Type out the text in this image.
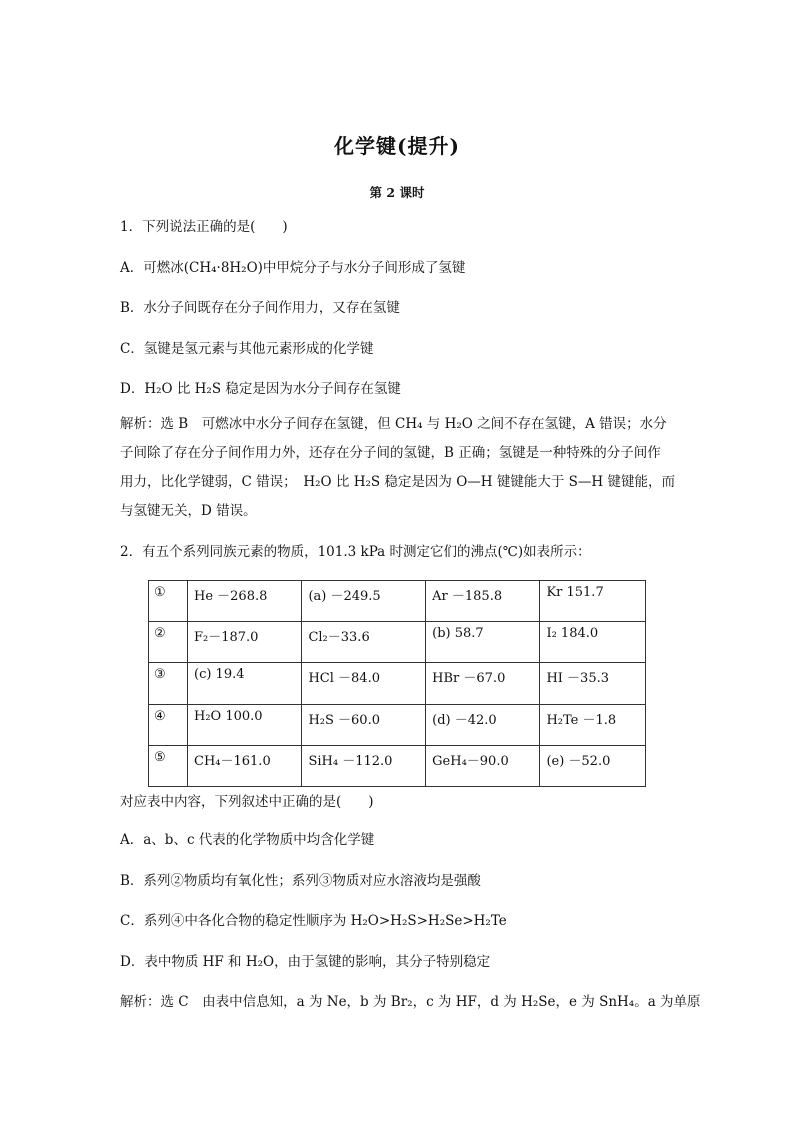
化学键(提升)
第 2 课时
1．下列说法正确的是(　　)
A．可燃冰(CH₄·8H₂O)中甲烷分子与水分子间形成了氢键
B．水分子间既存在分子间作用力，又存在氢键
C．氢键是氢元素与其他元素形成的化学键
D．H₂O 比 H₂S 稳定是因为水分子间存在氢键
解析：选 B　可燃冰中水分子间存在氢键，但 CH₄ 与 H₂O 之间不存在氢键，A 错误；水分
子间除了存在分子间作用力外，还存在分子间的氢键，B 正确；氢键是一种特殊的分子间作
用力，比化学键弱，C 错误；　H₂O 比 H₂S 稳定是因为 O—H 键键能大于 S—H 键键能，而
与氢键无关，D 错误。
2．有五个系列同族元素的物质，101.3 kPa 时测定它们的沸点(℃)如表所示：
①	He －268.8	(a) －249.5	Ar －185.8	Kr 151.7
②	F₂－187.0	Cl₂－33.6	(b) 58.7	I₂ 184.0
③	(c) 19.4	HCl －84.0	HBr －67.0	HI －35.3
④	H₂O 100.0	H₂S －60.0	(d) －42.0	H₂Te －1.8
⑤	CH₄－161.0	SiH₄ －112.0	GeH₄－90.0	(e) －52.0
对应表中内容，下列叙述中正确的是(　　)
A．a、b、c 代表的化学物质中均含化学键
B．系列②物质均有氧化性；系列③物质对应水溶液均是强酸
C．系列④中各化合物的稳定性顺序为 H₂O>H₂S>H₂Se>H₂Te
D．表中物质 HF 和 H₂O，由于氢键的影响，其分子特别稳定
解析：选 C　由表中信息知，a 为 Ne，b 为 Br₂，c 为 HF，d 为 H₂Se，e 为 SnH₄。a 为单原
